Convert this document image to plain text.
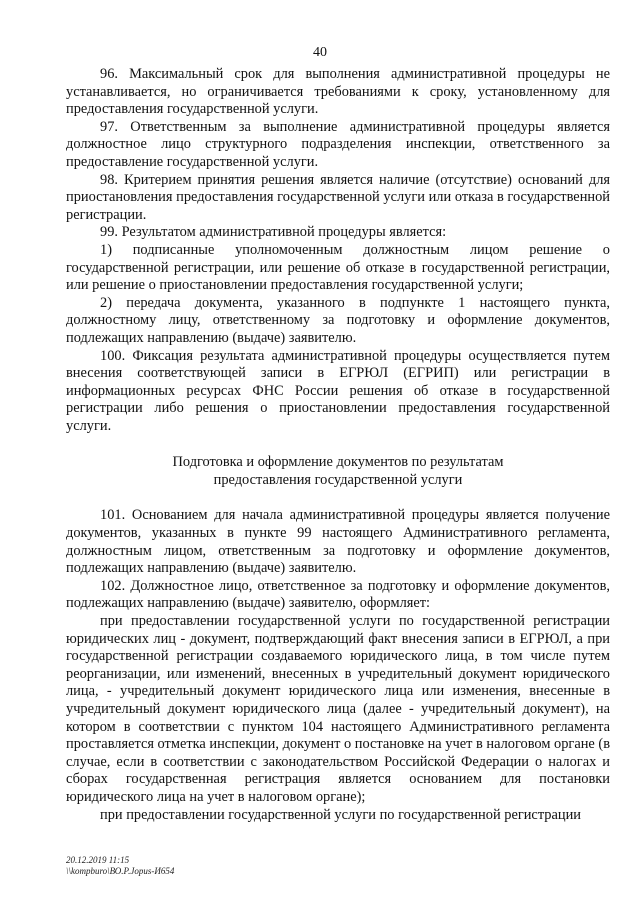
40

96. Максимальный срок для выполнения административной процедуры не устанавливается, но ограничивается требованиями к сроку, установленному для предоставления государственной услуги.

97. Ответственным за выполнение административной процедуры является должностное лицо структурного подразделения инспекции, ответственного за предоставление государственной услуги.

98. Критерием принятия решения является наличие (отсутствие) оснований для приостановления предоставления государственной услуги или отказа в государственной регистрации.

99. Результатом административной процедуры является:

1) подписанные уполномоченным должностным лицом решение о государственной регистрации, или решение об отказе в государственной регистрации, или решение о приостановлении предоставления государственной услуги;

2) передача документа, указанного в подпункте 1 настоящего пункта, должностному лицу, ответственному за подготовку и оформление документов, подлежащих направлению (выдаче) заявителю.

100. Фиксация результата административной процедуры осуществляется путем внесения соответствующей записи в ЕГРЮЛ (ЕГРИП) или регистрации в информационных ресурсах ФНС России решения об отказе в государственной регистрации либо решения о приостановлении предоставления государственной услуги.

Подготовка и оформление документов по результатам
предоставления государственной услуги

101. Основанием для начала административной процедуры является получение документов, указанных в пункте 99 настоящего Административного регламента, должностным лицом, ответственным за подготовку и оформление документов, подлежащих направлению (выдаче) заявителю.

102. Должностное лицо, ответственное за подготовку и оформление документов, подлежащих направлению (выдаче) заявителю, оформляет:

при предоставлении государственной услуги по государственной регистрации юридических лиц - документ, подтверждающий факт внесения записи в ЕГРЮЛ, а при государственной регистрации создаваемого юридического лица, в том числе путем реорганизации, или изменений, внесенных в учредительный документ юридического лица, - учредительный документ юридического лица или изменения, внесенные в учредительный документ юридического лица (далее - учредительный документ), на котором в соответствии с пунктом 104 настоящего Административного регламента проставляется отметка инспекции, документ о постановке на учет в налоговом органе (в случае, если в соответствии с законодательством Российской Федерации о налогах и сборах государственная регистрация является основанием для постановки юридического лица на учет в налоговом органе);

при предоставлении государственной услуги по государственной регистрации

20.12.2019 11:15
\\kompburo\ВО.Р.Jopus-И654
